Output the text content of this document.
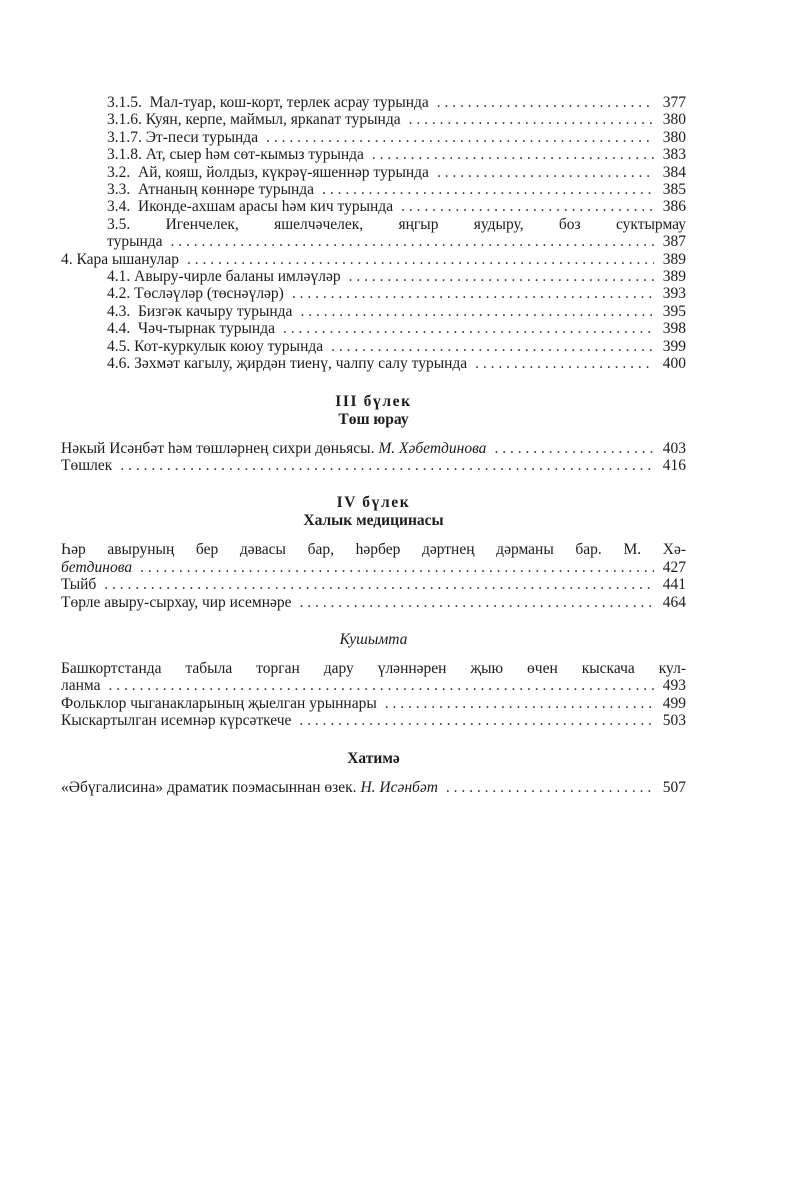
3.1.5. Мал-туар, кош-корт, терлек асрау турында . . .	377
3.1.6. Куян, керпе, маймыл, яркаnaт турында . . .	380
3.1.7. Эт-песи турында . . .	380
3.1.8. Ат, сыер һәм сөт-кымыз турында . . .	383
3.2. Ай, кояш, йолдыз, күкрәү-яшеннәр турында . . .	384
3.3. Атнаның көннәре турында . . .	385
3.4. Иконде-ахшам арасы һәм кич турында . . .	386
3.5. Игенчелек, яшелчәчелек, яңгыр яудыру, боз суктырмау
турында . . .	387
4. Кара ышанулар . . .	389
4.1. Авыру-чирле баланы имләүләр . . .	389
4.2. Төсләүләр (төснәүләр) . . .	393
4.3. Бизгәк качыру турында . . .	395
4.4. Чәч-тырнак турында . . .	398
4.5. Кот-куркулык коюу турында . . .	399
4.6. Зәхмәт кагылу, җирдән тиенү, чалпу салу турында . . .	400
III бүлек
Төш юрау
Нәкый Исәнбәт һәм төшләрнең сихри дөньясы. М. Хәбетдинова . . .	403
Төшлек . . .	416
IV бүлек
Халык медицинасы
Һәр авыруның бер дәвасы бар, һәрбер дәртнең дәрманы бар. М. Хә-
бетдинова . . .	427
Тыйб . . .	441
Төрле авыру-сырхау, чир исемнәре . . .	464
Кушымта
Башкортстанда табыла торган дару үләннәрен җыю өчен кыскача кул-
ланма . . .	493
Фольклор чыганакларының җыелган урыннары . . .	499
Кыскартылган исемнәр күрсәткече . . .	503
Хатимә
«Әбүгалисина» драматик поэмасыннан өзек. Н. Исәнбәт . . .	507
